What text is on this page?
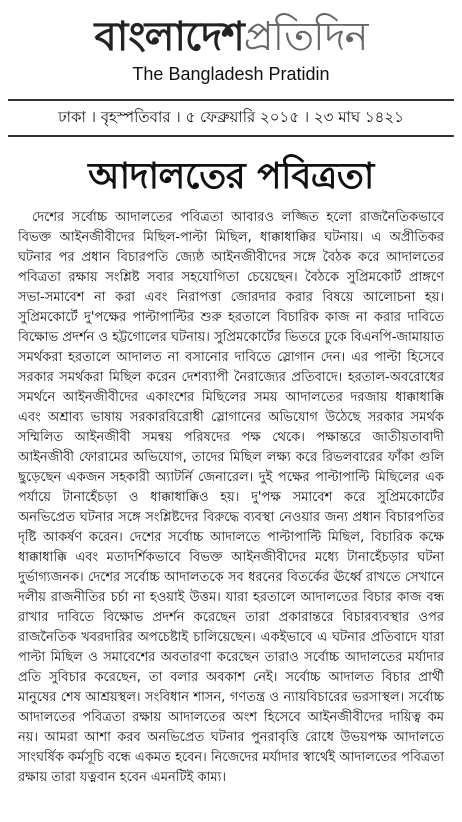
বাংলাদেশপ্রতিদিন
The Bangladesh Pratidin
ঢাকা । বৃহস্পতিবার । ৫ ফেব্রুয়ারি ২০১৫ । ২৩ মাঘ ১৪২১
আদালতের পবিত্রতা

দেশের সর্বোচ্চ আদালতের পবিত্রতা আবারও লজ্জিত হলো রাজনৈতিকভাবে বিভক্ত আইনজীবীদের মিছিল-পাল্টা মিছিল, ধাক্কাধাক্কির ঘটনায়। এ অপ্রীতিকর ঘটনার পর প্রধান বিচারপতি জ্যেষ্ঠ আইনজীবীদের সঙ্গে বৈঠক করে আদালতের পবিত্রতা রক্ষায় সংশ্লিষ্ট সবার সহযোগিতা চেয়েছেন। বৈঠকে সুপ্রিমকোর্ট প্রাঙ্গণে সভা-সমাবেশ না করা এবং নিরাপত্তা জোরদার করার বিষয়ে আলোচনা হয়। সুপ্রিমকোর্টে দু'পক্ষের পাল্টাপাল্টির শুরু হরতালে বিচারিক কাজ না করার দাবিতে বিক্ষোভ প্রদর্শন ও হট্টগোলের ঘটনায়। সুপ্রিমকোর্টের ভিতরে ঢুকে বিএনপি-জামায়াত সমর্থকরা হরতালে আদালত না বসানোর দাবিতে স্লোগান দেন। এর পাল্টা হিসেবে সরকার সমর্থকরা মিছিল করেন দেশব্যাপী নৈরাজ্যের প্রতিবাদে। হরতাল-অবরোধের সমর্থনে আইনজীবীদের একাংশের মিছিলের সময় আদালতের দরজায় ধাক্কাধাক্কি এবং অশ্রাব্য ভাষায় সরকারবিরোধী স্লোগানের অভিযোগ উঠেছে সরকার সমর্থক সম্মিলিত আইনজীবী সমন্বয় পরিষদের পক্ষ থেকে। পক্ষান্তরে জাতীয়তাবাদী আইনজীবী ফোরামের অভিযোগ, তাদের মিছিল লক্ষ্য করে রিভলবারের ফাঁকা গুলি ছুড়েছেন একজন সহকারী অ্যাটর্নি জেনারেল। দুই পক্ষের পাল্টাপাল্টি মিছিলের এক পর্যায়ে টানাহেঁচড়া ও ধাক্কাধাক্কিও হয়। দু'পক্ষ সমাবেশ করে সুপ্রিমকোর্টের অনভিপ্রেত ঘটনার সঙ্গে সংশ্লিষ্টদের বিরুদ্ধে ব্যবস্থা নেওয়ার জন্য প্রধান বিচারপতির দৃষ্টি আকর্ষণ করেন। দেশের সর্বোচ্চ আদালতে পাল্টাপাল্টি মিছিল, বিচারিক কক্ষে ধাক্কাধাক্কি এবং মতাদর্শিকভাবে বিভক্ত আইনজীবীদের মধ্যে টানাহেঁচড়ার ঘটনা দুর্ভাগ্যজনক। দেশের সর্বোচ্চ আদালতকে সব ধরনের বিতর্কের ঊর্ধ্বে রাখতে সেখানে দলীয় রাজনীতির চর্চা না হওয়াই উত্তম। যারা হরতালে আদালতের বিচার কাজ বন্ধ রাখার দাবিতে বিক্ষোভ প্রদর্শন করেছেন তারা প্রকারান্তরে বিচারব্যবস্থার ওপর রাজনৈতিক খবরদারির অপচেষ্টাই চালিয়েছেন। একইভাবে এ ঘটনার প্রতিবাদে যারা পাল্টা মিছিল ও সমাবেশের অবতারণা করেছেন তারাও সর্বোচ্চ আদালতের মর্যাদার প্রতি সুবিচার করেছেন, তা বলার অবকাশ নেই। সর্বোচ্চ আদালত বিচার প্রার্থী মানুষের শেষ আশ্রয়স্থল। সংবিধান শাসন, গণতন্ত্র ও ন্যায়বিচারের ভরসাস্থল। সর্বোচ্চ আদালতের পবিত্রতা রক্ষায় আদালতের অংশ হিসেবে আইনজীবীদের দায়িত্ব কম নয়। আমরা আশা করব অনভিপ্রেত ঘটনার পুনরাবৃত্তি রোধে উভয়পক্ষ আদালতে সাংঘর্ষিক কর্মসূচি বন্ধে একমত হবেন। নিজেদের মর্যাদার স্বার্থেই আদালতের পবিত্রতা রক্ষায় তারা যত্নবান হবেন এমনটিই কাম্য।
